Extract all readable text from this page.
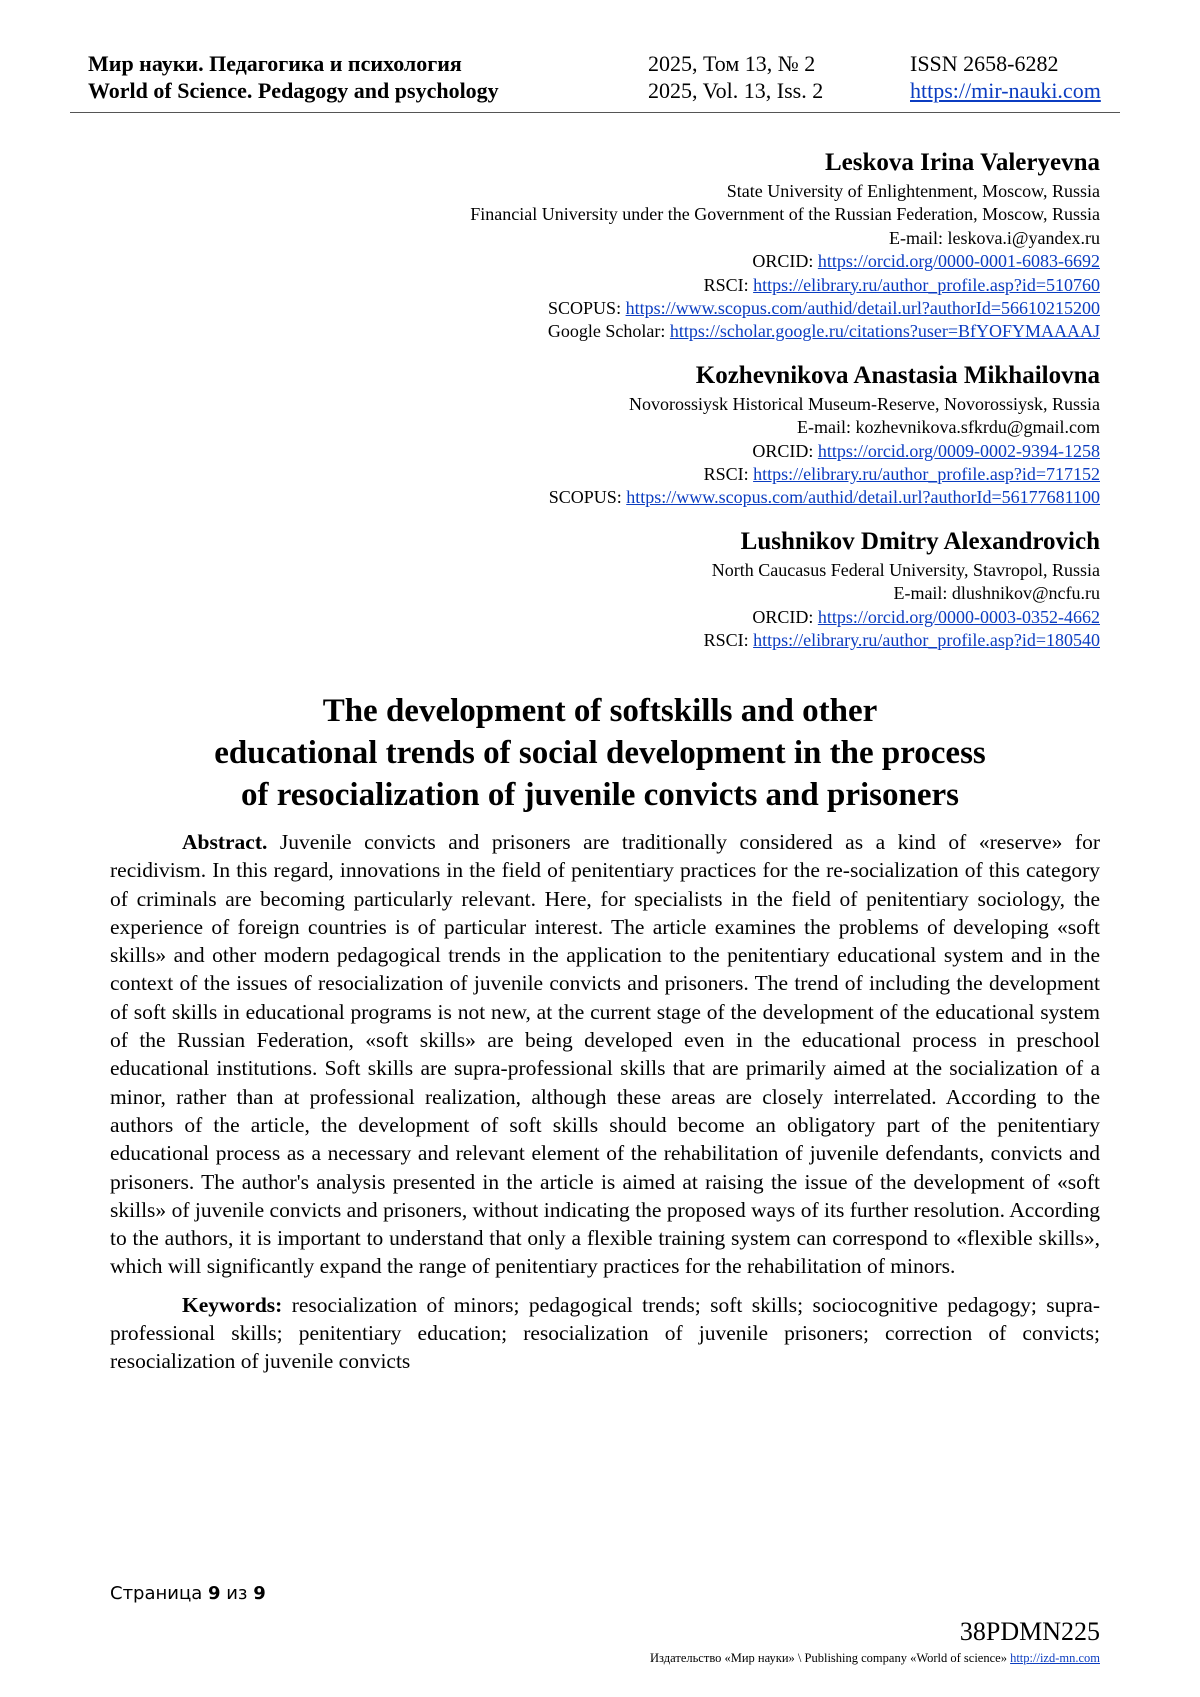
Мир науки. Педагогика и психология	2025, Том 13, № 2	ISSN 2658-6282
World of Science. Pedagogy and psychology	2025, Vol. 13, Iss. 2	https://mir-nauki.com
Leskova Irina Valeryevna
State University of Enlightenment, Moscow, Russia
Financial University under the Government of the Russian Federation, Moscow, Russia
E-mail: leskova.i@yandex.ru
ORCID: https://orcid.org/0000-0001-6083-6692
RSCI: https://elibrary.ru/author_profile.asp?id=510760
SCOPUS: https://www.scopus.com/authid/detail.url?authorId=56610215200
Google Scholar: https://scholar.google.ru/citations?user=BfYOFYMAAAAJ
Kozhevnikova Anastasia Mikhailovna
Novorossiysk Historical Museum-Reserve, Novorossiysk, Russia
E-mail: kozhevnikova.sfkrdu@gmail.com
ORCID: https://orcid.org/0009-0002-9394-1258
RSCI: https://elibrary.ru/author_profile.asp?id=717152
SCOPUS: https://www.scopus.com/authid/detail.url?authorId=56177681100
Lushnikov Dmitry Alexandrovich
North Caucasus Federal University, Stavropol, Russia
E-mail: dlushnikov@ncfu.ru
ORCID: https://orcid.org/0000-0003-0352-4662
RSCI: https://elibrary.ru/author_profile.asp?id=180540
The development of softskills and other
educational trends of social development in the process
of resocialization of juvenile convicts and prisoners

Abstract. Juvenile convicts and prisoners are traditionally considered as a kind of «reserve» for recidivism. In this regard, innovations in the field of penitentiary practices for the re-socialization of this category of criminals are becoming particularly relevant. Here, for specialists in the field of penitentiary sociology, the experience of foreign countries is of particular interest. The article examines the problems of developing «soft skills» and other modern pedagogical trends in the application to the penitentiary educational system and in the context of the issues of resocialization of juvenile convicts and prisoners. The trend of including the development of soft skills in educational programs is not new, at the current stage of the development of the educational system of the Russian Federation, «soft skills» are being developed even in the educational process in preschool educational institutions. Soft skills are supra-professional skills that are primarily aimed at the socialization of a minor, rather than at professional realization, although these areas are closely interrelated. According to the authors of the article, the development of soft skills should become an obligatory part of the penitentiary educational process as a necessary and relevant element of the rehabilitation of juvenile defendants, convicts and prisoners. The author's analysis presented in the article is aimed at raising the issue of the development of «soft skills» of juvenile convicts and prisoners, without indicating the proposed ways of its further resolution. According to the authors, it is important to understand that only a flexible training system can correspond to «flexible skills», which will significantly expand the range of penitentiary practices for the rehabilitation of minors.

Keywords: resocialization of minors; pedagogical trends; soft skills; sociocognitive pedagogy; supra-professional skills; penitentiary education; resocialization of juvenile prisoners; correction of convicts; resocialization of juvenile convicts

Страница 9 из 9
38PDMN225
Издательство «Мир науки» \ Publishing company «World of science» http://izd-mn.com
